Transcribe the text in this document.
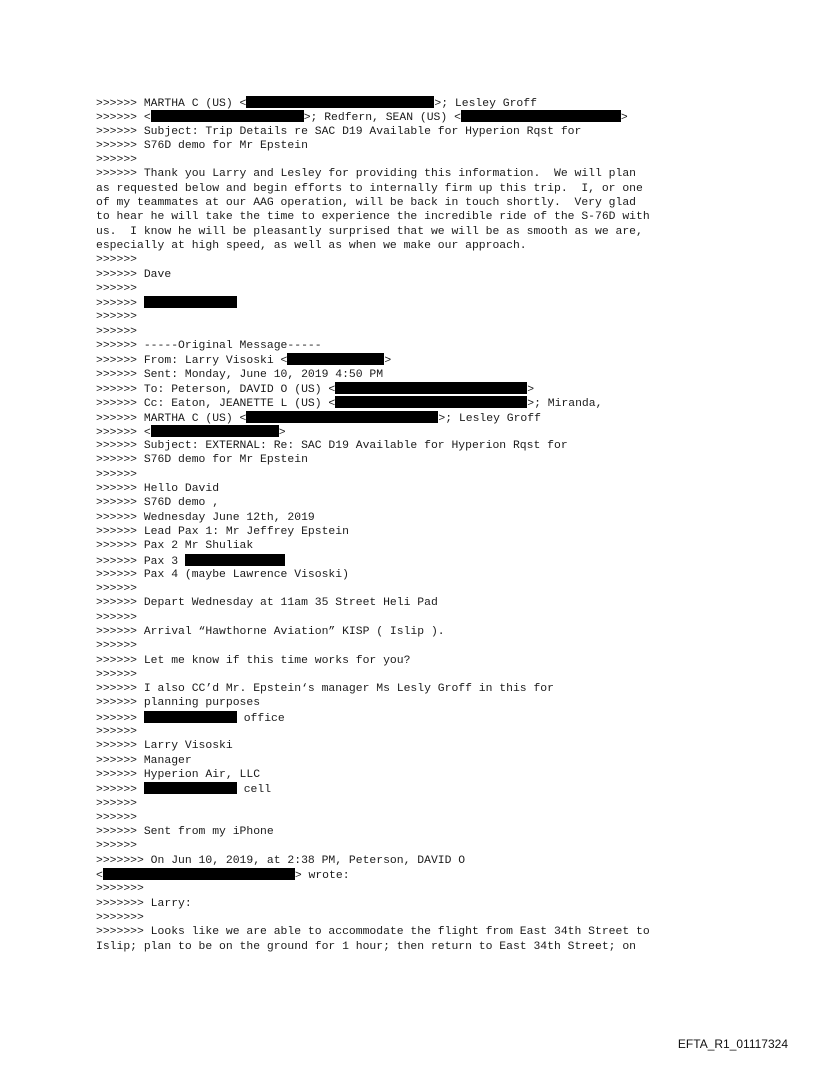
>>>>>> MARTHA C (US) <	>; Lesley Groff
>>>>>> <	>; Redfern, SEAN (US) <	>
>>>>>> Subject: Trip Details re SAC D19 Available for Hyperion Rqst for
>>>>>> S76D demo for Mr Epstein
>>>>>>
>>>>>> Thank you Larry and Lesley for providing this information.  We will plan
as requested below and begin efforts to internally firm up this trip.  I, or one
of my teammates at our AAG operation, will be back in touch shortly.  Very glad
to hear he will take the time to experience the incredible ride of the S-76D with
us.  I know he will be pleasantly surprised that we will be as smooth as we are,
especially at high speed, as well as when we make our approach.
>>>>>>
>>>>>> Dave
>>>>>>
>>>>>>
>>>>>>
>>>>>>
>>>>>> -----Original Message-----
>>>>>> From: Larry Visoski <	>
>>>>>> Sent: Monday, June 10, 2019 4:50 PM
>>>>>> To: Peterson, DAVID O (US) <	>
>>>>>> Cc: Eaton, JEANETTE L (US) <	>; Miranda,
>>>>>> MARTHA C (US) <	>; Lesley Groff
>>>>>> <	>
>>>>>> Subject: EXTERNAL: Re: SAC D19 Available for Hyperion Rqst for
>>>>>> S76D demo for Mr Epstein
>>>>>>
>>>>>> Hello David
>>>>>> S76D demo ,
>>>>>> Wednesday June 12th, 2019
>>>>>> Lead Pax 1: Mr Jeffrey Epstein
>>>>>> Pax 2 Mr Shuliak
>>>>>> Pax 3
>>>>>> Pax 4 (maybe Lawrence Visoski)
>>>>>>
>>>>>> Depart Wednesday at 11am 35 Street Heli Pad
>>>>>>
>>>>>> Arrival “Hawthorne Aviation” KISP ( Islip ).
>>>>>>
>>>>>> Let me know if this time works for you?
>>>>>>
>>>>>> I also CC’d Mr. Epstein‘s manager Ms Lesly Groff in this for
>>>>>> planning purposes
>>>>>>	office
>>>>>>
>>>>>> Larry Visoski
>>>>>> Manager
>>>>>> Hyperion Air, LLC
>>>>>>	cell
>>>>>>
>>>>>>
>>>>>> Sent from my iPhone
>>>>>>
>>>>>>> On Jun 10, 2019, at 2:38 PM, Peterson, DAVID O
<	> wrote:
>>>>>>>
>>>>>>> Larry:
>>>>>>>
>>>>>>> Looks like we are able to accommodate the flight from East 34th Street to
Islip; plan to be on the ground for 1 hour; then return to East 34th Street; on
EFTA_R1_01117324
